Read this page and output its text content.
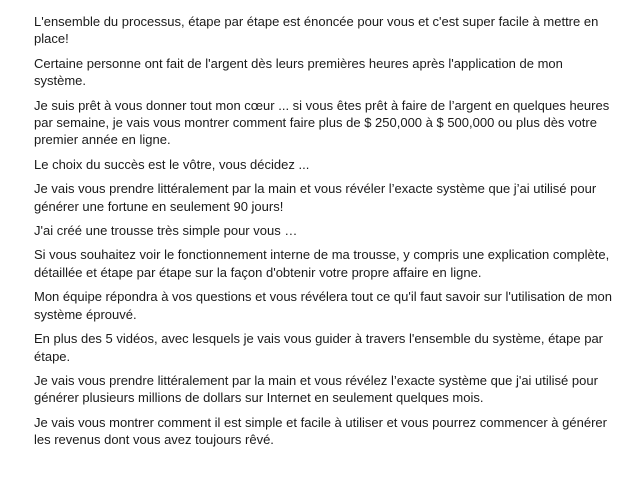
L'ensemble du processus, étape par étape est énoncée pour vous et c'est super facile à mettre en place!

Certaine personne ont fait de l'argent dès leurs premières heures après l'application de mon système.

Je suis prêt à vous donner tout mon cœur ... si vous êtes prêt à faire de l’argent en quelques heures par semaine, je vais vous montrer comment faire plus de $ 250,000 à $ 500,000 ou plus dès votre premier année en ligne.

Le choix du succès est le vôtre, vous décidez ...

Je vais vous prendre littéralement par la main et vous révéler l’exacte système que j’ai utilisé pour générer une fortune en seulement 90 jours!

J'ai créé une trousse très simple pour vous …

Si vous souhaitez voir le fonctionnement interne de ma trousse, y compris une explication complète, détaillée et étape par étape sur la façon d'obtenir votre propre affaire en ligne.

Mon équipe répondra à vos questions et vous révélera tout ce qu'il faut savoir sur l'utilisation de mon système éprouvé.

En plus des 5 vidéos, avec lesquels je vais vous guider à travers l'ensemble du système, étape par étape.

Je vais vous prendre littéralement par la main et vous révélez l’exacte système que j'ai utilisé pour générer plusieurs millions de dollars sur Internet en seulement quelques mois.

Je vais vous montrer comment il est simple et facile à utiliser et vous pourrez commencer à générer les revenus dont vous avez toujours rêvé.
